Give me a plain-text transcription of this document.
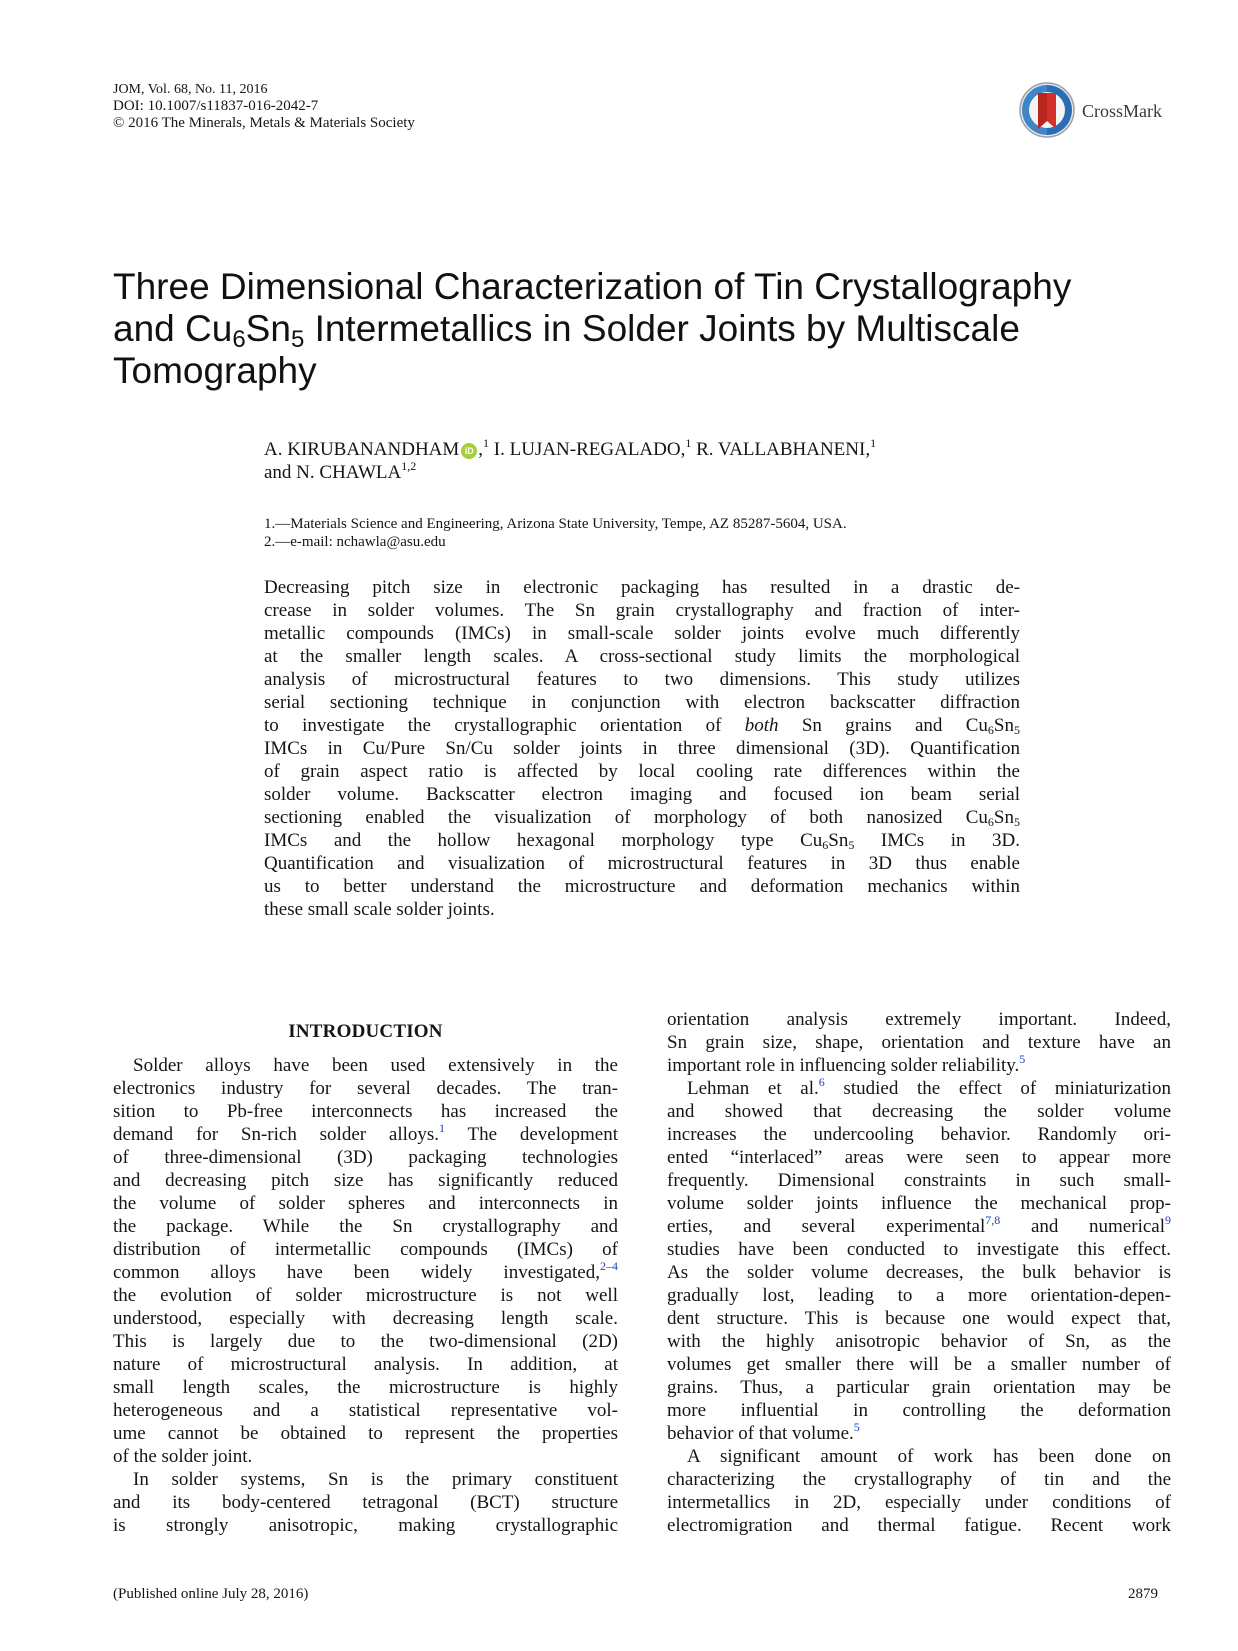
JOM, Vol. 68, No. 11, 2016
DOI: 10.1007/s11837-016-2042-7
© 2016 The Minerals, Metals & Materials Society
CrossMark
Three Dimensional Characterization of Tin Crystallography
and $Cu_6Sn_5$ Intermetallics in Solder Joints by Multiscale
Tomography
A. KIRUBANANDHAM iD ,$^1$ I. LUJAN-REGALADO,$^1$ R. VALLABHANENI,$^1$
and N. CHAWLA$^{1,2}$
1.—Materials Science and Engineering, Arizona State University, Tempe, AZ 85287-5604, USA.
2.—e-mail: nchawla@asu.edu
Decreasing pitch size in electronic packaging has resulted in a drastic de-
crease in solder volumes. The Sn grain crystallography and fraction of inter-
metallic compounds (IMCs) in small-scale solder joints evolve much differently
at the smaller length scales. A cross-sectional study limits the morphological
analysis of microstructural features to two dimensions. This study utilizes
serial sectioning technique in conjunction with electron backscatter diffraction
to investigate the crystallographic orientation of both Sn grains and $Cu_6Sn_5$
IMCs in Cu/Pure Sn/Cu solder joints in three dimensional (3D). Quantification
of grain aspect ratio is affected by local cooling rate differences within the
solder volume. Backscatter electron imaging and focused ion beam serial
sectioning enabled the visualization of morphology of both nanosized $Cu_6Sn_5$
IMCs and the hollow hexagonal morphology type $Cu_6Sn_5$ IMCs in 3D.
Quantification and visualization of microstructural features in 3D thus enable
us to better understand the microstructure and deformation mechanics within
these small scale solder joints.
INTRODUCTION
Solder alloys have been used extensively in the
electronics industry for several decades. The tran-
sition to Pb-free interconnects has increased the
demand for Sn-rich solder alloys.$^1$ The development
of three-dimensional (3D) packaging technologies
and decreasing pitch size has significantly reduced
the volume of solder spheres and interconnects in
the package. While the Sn crystallography and
distribution of intermetallic compounds (IMCs) of
common alloys have been widely investigated,$^{2-4}$
the evolution of solder microstructure is not well
understood, especially with decreasing length scale.
This is largely due to the two-dimensional (2D)
nature of microstructural analysis. In addition, at
small length scales, the microstructure is highly
heterogeneous and a statistical representative vol-
ume cannot be obtained to represent the properties
of the solder joint.
In solder systems, Sn is the primary constituent
and its body-centered tetragonal (BCT) structure
is strongly anisotropic, making crystallographic
orientation analysis extremely important. Indeed,
Sn grain size, shape, orientation and texture have an
important role in influencing solder reliability.$^5$
Lehman et al.$^6$ studied the effect of miniaturization
and showed that decreasing the solder volume
increases the undercooling behavior. Randomly ori-
ented “interlaced” areas were seen to appear more
frequently. Dimensional constraints in such small-
volume solder joints influence the mechanical prop-
erties, and several experimental$^{7,8}$ and numerical$^9$
studies have been conducted to investigate this effect.
As the solder volume decreases, the bulk behavior is
gradually lost, leading to a more orientation-depen-
dent structure. This is because one would expect that,
with the highly anisotropic behavior of Sn, as the
volumes get smaller there will be a smaller number of
grains. Thus, a particular grain orientation may be
more influential in controlling the deformation
behavior of that volume.$^5$
A significant amount of work has been done on
characterizing the crystallography of tin and the
intermetallics in 2D, especially under conditions of
electromigration and thermal fatigue. Recent work
(Published online July 28, 2016)	2879
